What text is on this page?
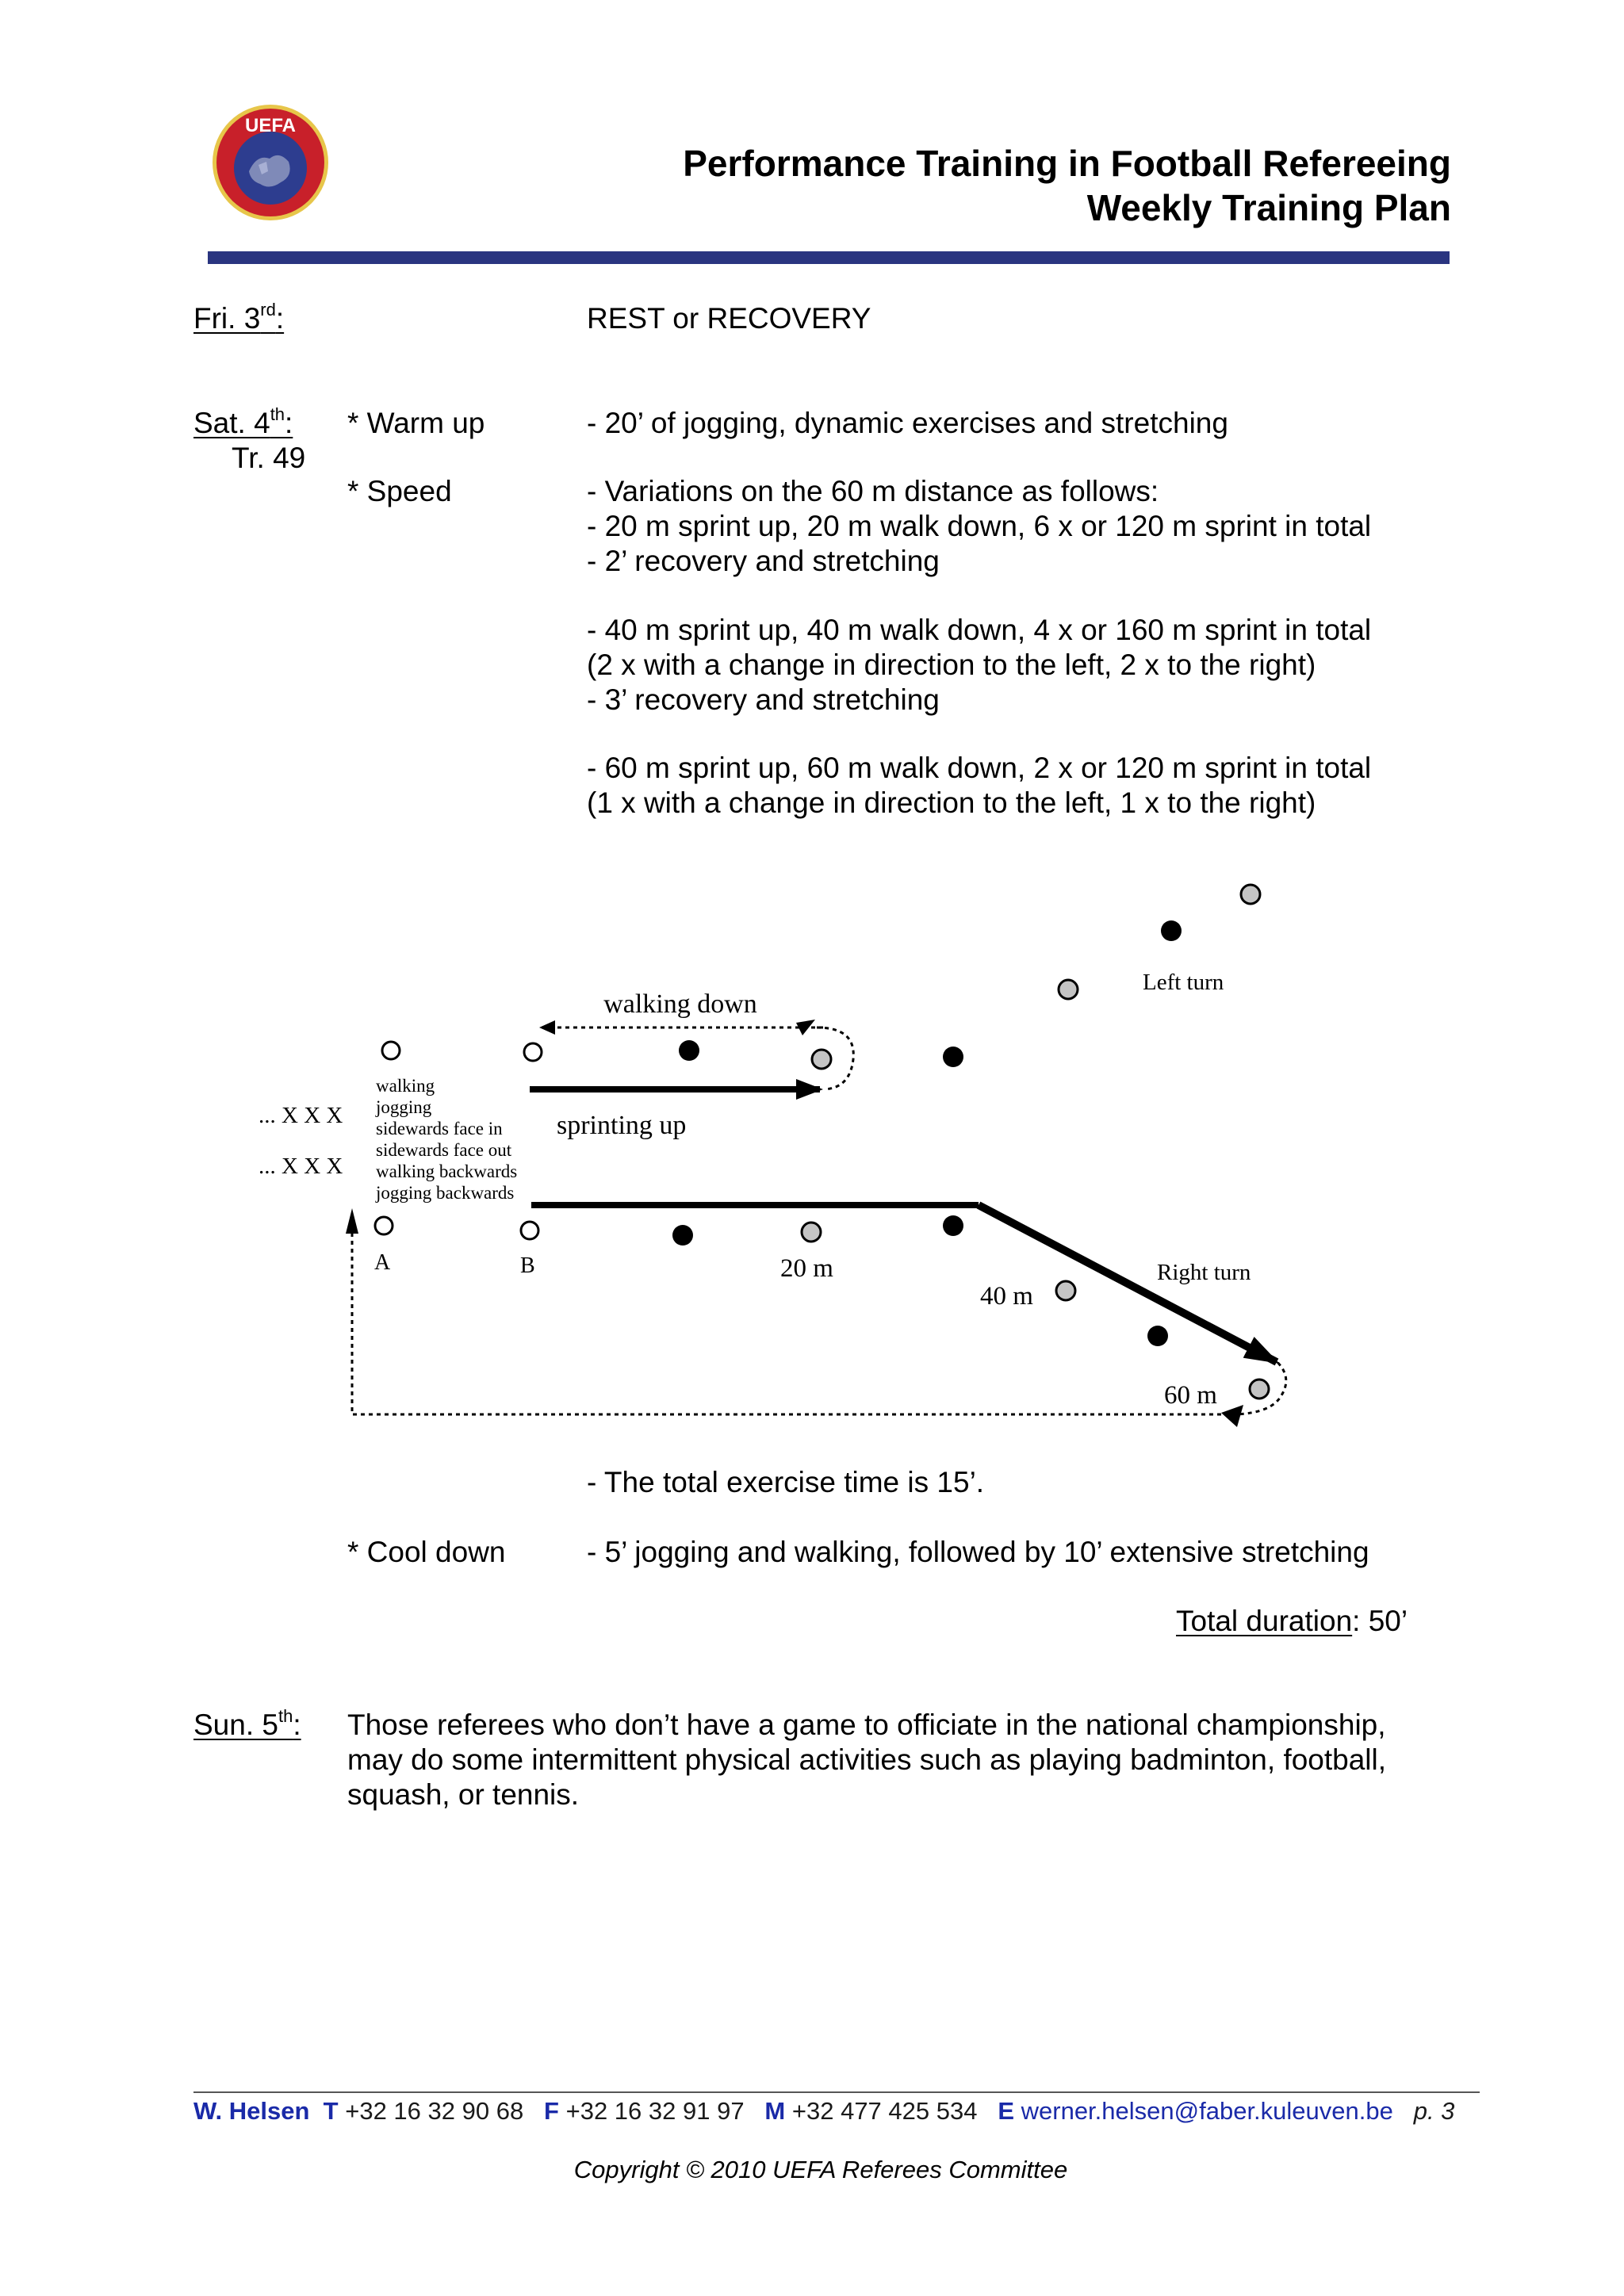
UEFA
Performance Training in Football Refereeing
Weekly Training Plan
Fri. 3rd:	REST or RECOVERY
Sat. 4th:
Tr. 49
* Warm up	- 20’ of jogging, dynamic exercises and stretching
* Speed	- Variations on the 60 m distance as follows:
- 20 m sprint up, 20 m walk down, 6 x or 120 m sprint in total
- 2’ recovery and stretching
- 40 m sprint up, 40 m walk down, 4 x or 160 m sprint in total
(2 x with a change in direction to the left, 2 x to the right)
- 3’ recovery and stretching
- 60 m sprint up, 60 m walk down, 2 x or 120 m sprint in total
(1 x with a change in direction to the left, 1 x to the right)
walking down
sprinting up
Left turn
Right turn
... X X X
... X X X
walking
jogging
sidewards face in
sidewards face out
walking backwards
jogging backwards
A	B	20 m
40 m
60 m
- The total exercise time is 15’.
* Cool down	- 5’ jogging and walking, followed by 10’ extensive stretching
Total duration: 50’
Sun. 5th: Those referees who don’t have a game to officiate in the national championship,
may do some intermittent physical activities such as playing badminton, football,
squash, or tennis.
W. Helsen T +32 16 32 90 68 F +32 16 32 91 97 M +32 477 425 534 E werner.helsen@faber.kuleuven.be p. 3
Copyright © 2010 UEFA Referees Committee
